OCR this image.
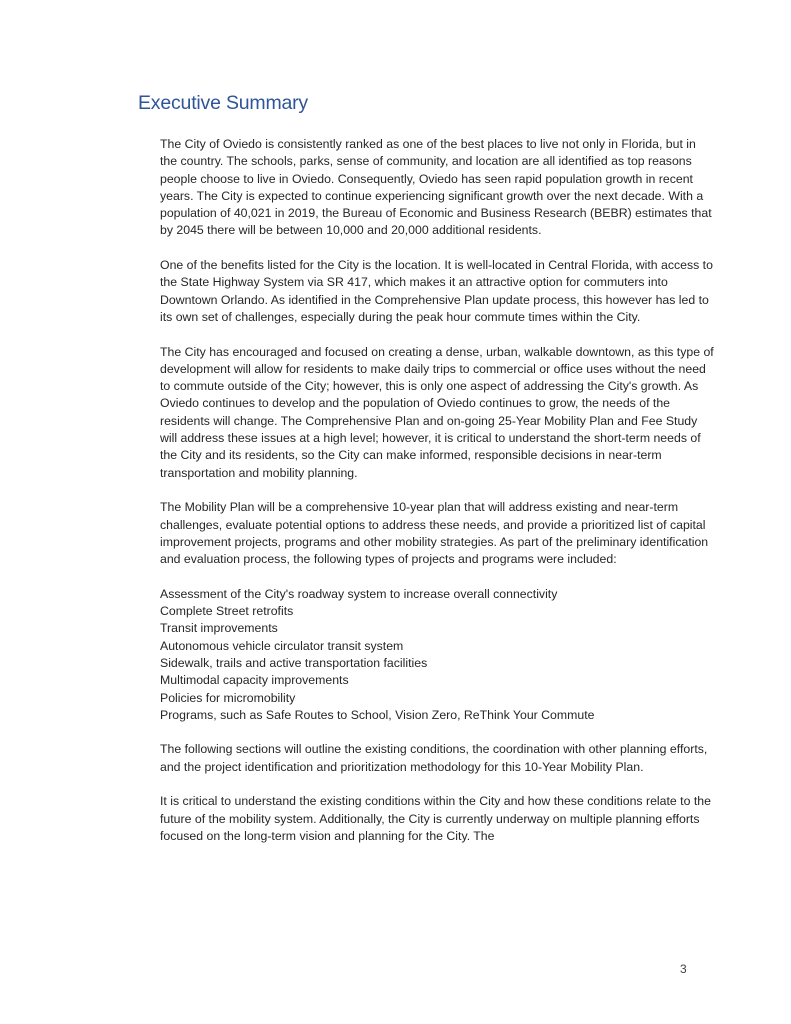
Executive Summary

The City of Oviedo is consistently ranked as one of the best places to live not only in Florida, but in the country. The schools, parks, sense of community, and location are all identified as top reasons people choose to live in Oviedo. Consequently, Oviedo has seen rapid population growth in recent years. The City is expected to continue experiencing significant growth over the next decade. With a population of 40,021 in 2019, the Bureau of Economic and Business Research (BEBR) estimates that by 2045 there will be between 10,000 and 20,000 additional residents.

One of the benefits listed for the City is the location. It is well-located in Central Florida, with access to the State Highway System via SR 417, which makes it an attractive option for commuters into Downtown Orlando. As identified in the Comprehensive Plan update process, this however has led to its own set of challenges, especially during the peak hour commute times within the City.

The City has encouraged and focused on creating a dense, urban, walkable downtown, as this type of development will allow for residents to make daily trips to commercial or office uses without the need to commute outside of the City; however, this is only one aspect of addressing the City's growth. As Oviedo continues to develop and the population of Oviedo continues to grow, the needs of the residents will change. The Comprehensive Plan and on-going 25-Year Mobility Plan and Fee Study will address these issues at a high level; however, it is critical to understand the short-term needs of the City and its residents, so the City can make informed, responsible decisions in near-term transportation and mobility planning.

The Mobility Plan will be a comprehensive 10-year plan that will address existing and near-term challenges, evaluate potential options to address these needs, and provide a prioritized list of capital improvement projects, programs and other mobility strategies. As part of the preliminary identification and evaluation process, the following types of projects and programs were included:

Assessment of the City's roadway system to increase overall connectivity
Complete Street retrofits
Transit improvements
Autonomous vehicle circulator transit system
Sidewalk, trails and active transportation facilities
Multimodal capacity improvements
Policies for micromobility
Programs, such as Safe Routes to School, Vision Zero, ReThink Your Commute

The following sections will outline the existing conditions, the coordination with other planning efforts, and the project identification and prioritization methodology for this 10-Year Mobility Plan.

It is critical to understand the existing conditions within the City and how these conditions relate to the future of the mobility system. Additionally, the City is currently underway on multiple planning efforts focused on the long-term vision and planning for the City. The

3
